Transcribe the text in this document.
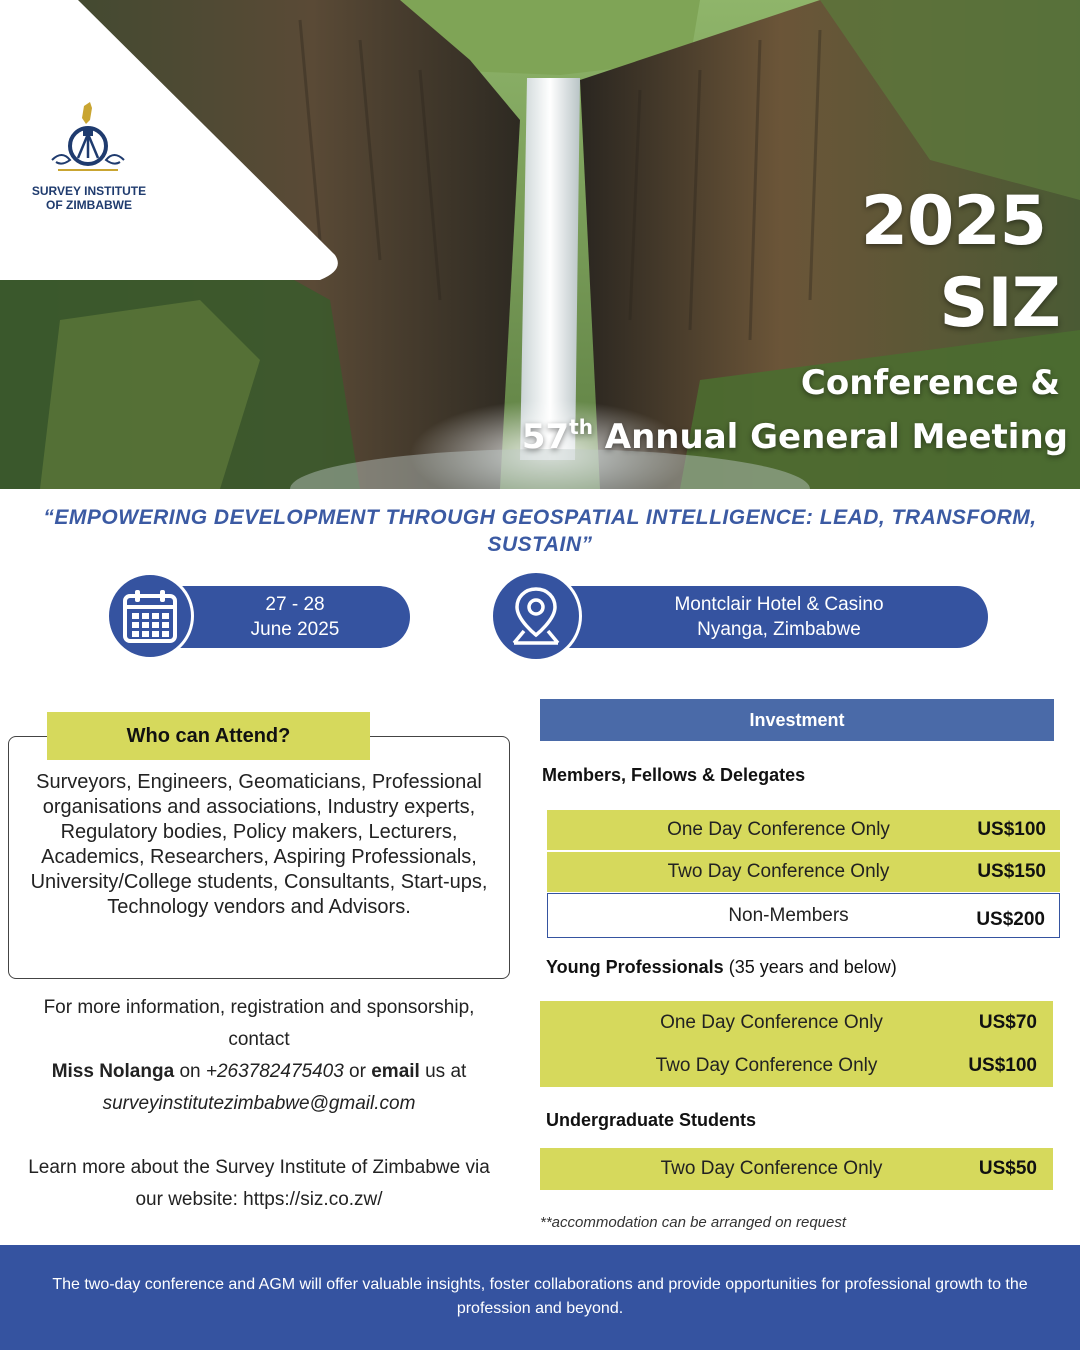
SURVEY INSTITUTE
OF ZIMBABWE	2025
SIZ
Conference &
57th Annual General Meeting
“EMPOWERING DEVELOPMENT THROUGH GEOSPATIAL INTELLIGENCE: LEAD, TRANSFORM, SUSTAIN”
27 - 28
June 2025
Montclair Hotel & Casino
Nyanga, Zimbabwe
Who can Attend?
Surveyors, Engineers, Geomaticians, Professional organisations and associations, Industry experts, Regulatory bodies, Policy makers, Lecturers, Academics, Researchers, Aspiring Professionals, University/College students, Consultants, Start-ups, Technology vendors and Advisors.
For more information, registration and sponsorship, contact
Miss Nolanga on +263782475403 or email us at
surveyinstitutezimbabwe@gmail.com
Learn more about the Survey Institute of Zimbabwe via our website: https://siz.co.zw/
Investment
Members, Fellows & Delegates
One Day Conference Only	US$100
Two Day Conference Only	US$150
Non-Members	US$200
Young Professionals (35 years and below)
One Day Conference Only	US$70
Two Day Conference Only	US$100
Undergraduate Students
Two Day Conference Only	US$50
**accommodation can be arranged on request
The two-day conference and AGM will offer valuable insights, foster collaborations and provide opportunities for professional growth to the profession and beyond.
